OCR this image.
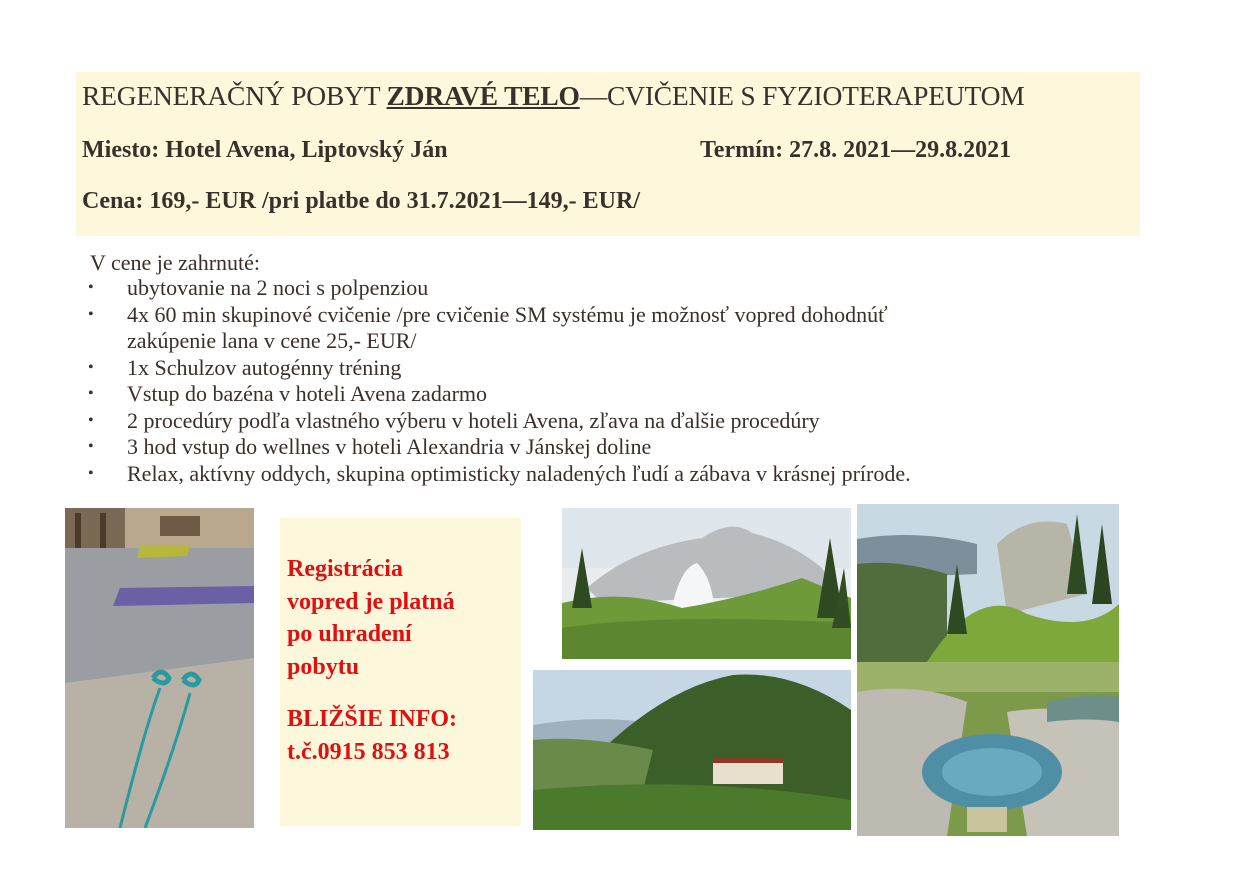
REGENERAČNÝ POBYT ZDRAVÉ TELO—CVIČENIE S FYZIOTERAPEUTOM
Miesto: Hotel Avena, Liptovský Ján	Termín: 27.8. 2021—29.8.2021
Cena: 169,- EUR /pri platbe do 31.7.2021—149,- EUR/
V cene je zahrnuté:
• ubytovanie na 2 noci s polpenziou
• 4x 60 min skupinové cvičenie /pre cvičenie SM systému je možnosť vopred dohodnúť
zakúpenie lana v cene 25,- EUR/
• 1x Schulzov autogénny tréning
• Vstup do bazéna v hoteli Avena zadarmo
• 2 procedúry podľa vlastného výberu v hoteli Avena, zľava na ďalšie procedúry
• 3 hod vstup do wellnes v hoteli Alexandria v Jánskej doline
• Relax, aktívny oddych, skupina optimisticky naladených ľudí a zábava v krásnej prírode.
Registrácia
vopred je platná
po uhradení
pobytu
BLIŽŠIE INFO:
t.č.0915 853 813
